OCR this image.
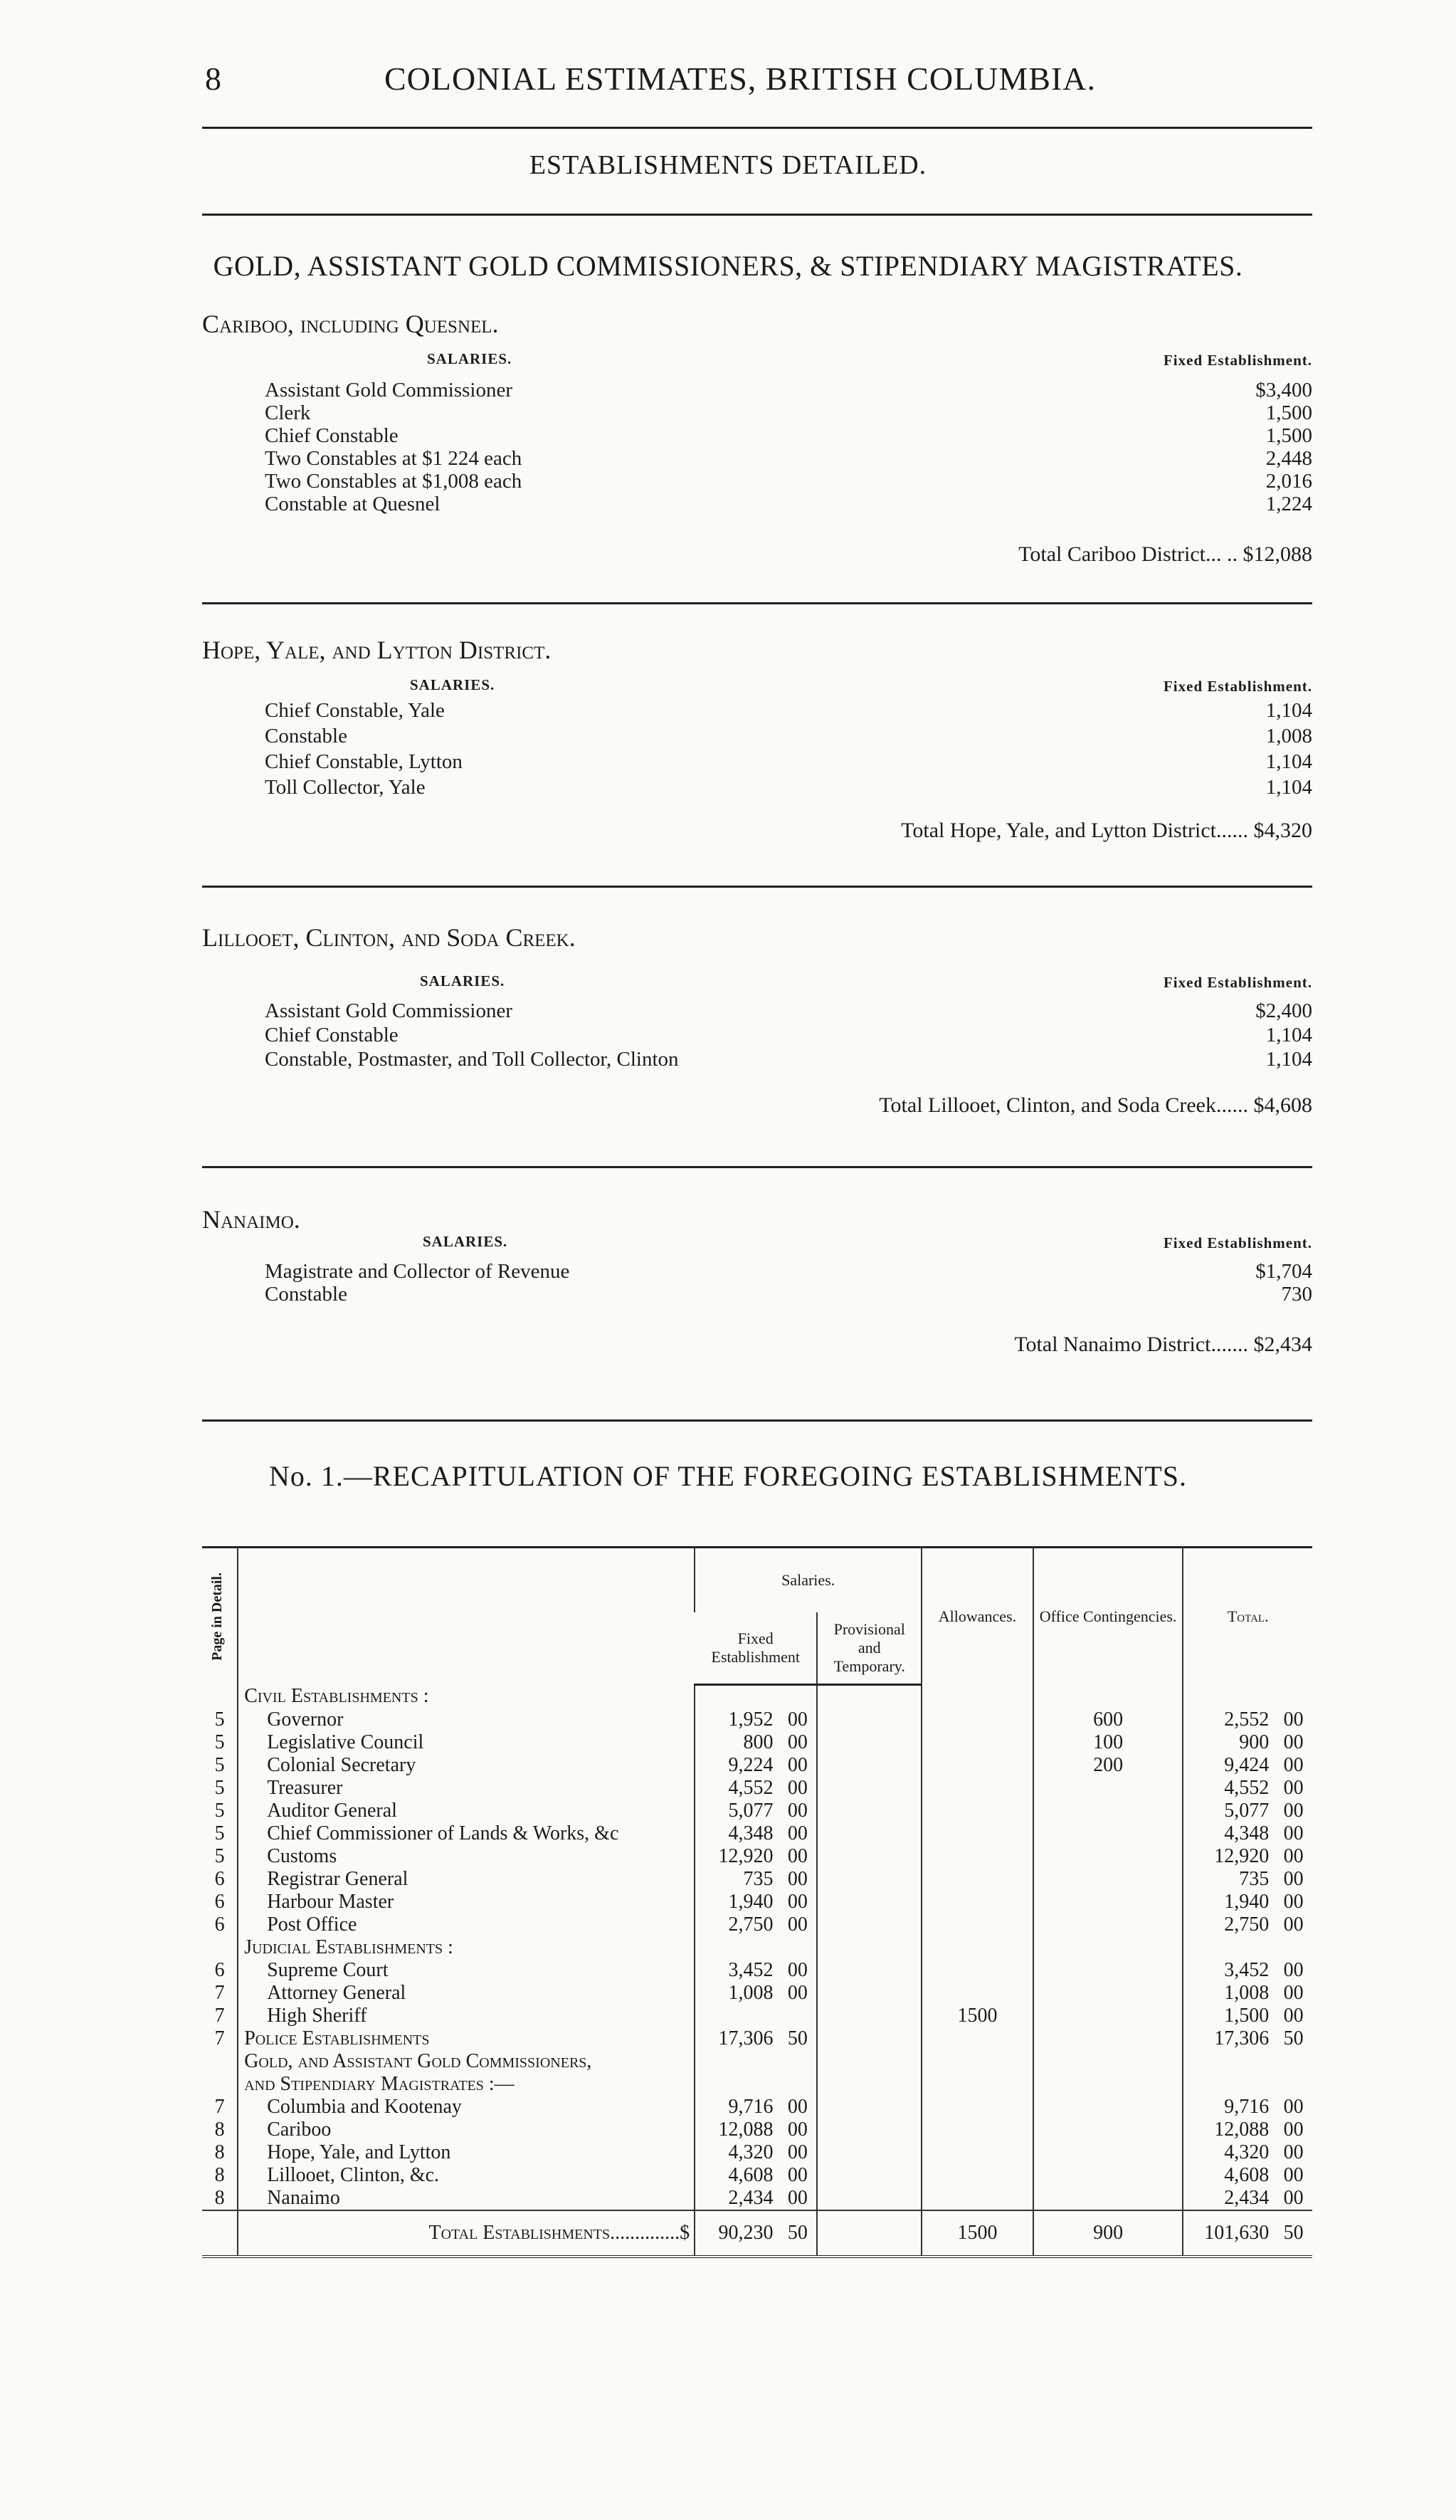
8	COLONIAL ESTIMATES, BRITISH COLUMBIA.
ESTABLISHMENTS DETAILED.
GOLD, ASSISTANT GOLD COMMISSIONERS, & STIPENDIARY MAGISTRATES.
Cariboo, including Quesnel.
SALARIES.	Fixed Establishment.
Assistant Gold Commissioner	$3,400
Clerk	1,500
Chief Constable	1,500
Two Constables at $1 224 each	2,448
Two Constables at $1,008 each	2,016
Constable at Quesnel	1,224
Total Cariboo District... .. $12,088
Hope, Yale, and Lytton District.
SALARIES.	Fixed Establishment.
Chief Constable, Yale	1,104
Constable	1,008
Chief Constable, Lytton	1,104
Toll Collector, Yale	1,104
Total Hope, Yale, and Lytton District...... $4,320
Lillooet, Clinton, and Soda Creek.
SALARIES.	Fixed Establishment.
Assistant Gold Commissioner	$2,400
Chief Constable	1,104
Constable, Postmaster, and Toll Collector, Clinton	1,104
Total Lillooet, Clinton, and Soda Creek...... $4,608
Nanaimo.
SALARIES.	Fixed Establishment.
Magistrate and Collector of Revenue	$1,704
Constable	730
Total Nanaimo District....... $2,434
No. 1.—RECAPITULATION OF THE FOREGOING ESTABLISHMENTS.
Page in Detail.		Salaries.			Allowances.	Office Contingencies.	Total.	
		Fixed Establishment		Provisional and Temporary.				
	Civil Establishments :							
5	Governor	1,952	00			600	2,552	00
5	Legislative Council	800	00			100	900	00
5	Colonial Secretary	9,224	00			200	9,424	00
5	Treasurer	4,552	00				4,552	00
5	Auditor General	5,077	00				5,077	00
5	Chief Commissioner of Lands & Works, &c	4,348	00				4,348	00
5	Customs	12,920	00				12,920	00
6	Registrar General	735	00				735	00
6	Harbour Master	1,940	00				1,940	00
6	Post Office	2,750	00				2,750	00
	Judicial Establishments :							
6	Supreme Court	3,452	00				3,452	00
7	Attorney General	1,008	00				1,008	00
7	High Sheriff				1500		1,500	00
7	Police Establishments	17,306	50				17,306	50
	Gold, and Assistant Gold Commissioners,							
	and Stipendiary Magistrates :—							
7	Columbia and Kootenay	9,716	00				9,716	00
8	Cariboo	12,088	00				12,088	00
8	Hope, Yale, and Lytton	4,320	00				4,320	00
8	Lillooet, Clinton, &c.	4,608	00				4,608	00
8	Nanaimo	2,434	00				2,434	00
	Total Establishments..............$	90,230	50		1500	900	101,630	50
